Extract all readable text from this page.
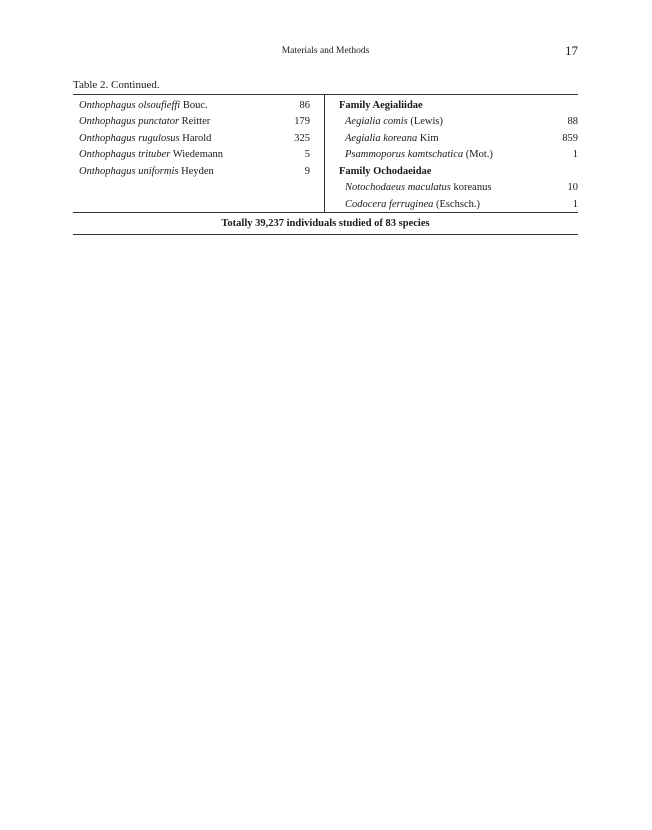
Materials and Methods	17
Table 2. Continued.
Onthophagus olsoufieffi Bouc.	86
Onthophagus punctator Reitter	179
Onthophagus rugulosus Harold	325
Onthophagus trituber Wiedemann	5
Onthophagus uniformis Heyden	9
Family Aegialiidae
Aegialia comis (Lewis)	88
Aegialia koreana Kim	859
Psammoporus kamtschatica (Mot.)	1
Family Ochodaeidae
Notochodaeus maculatus koreanus	10
Codocera ferruginea (Eschsch.)	1
Totally 39,237 individuals studied of 83 species
